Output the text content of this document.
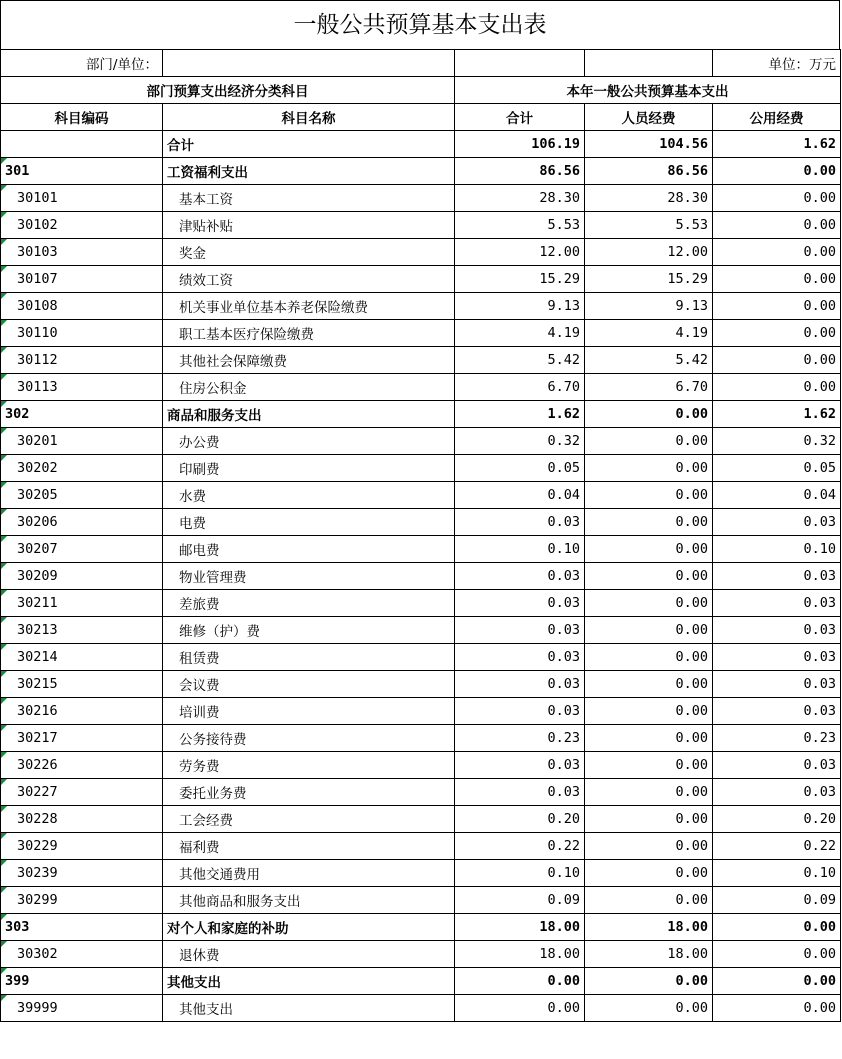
一般公共预算基本支出表
部门/单位：				单位：万元
部门预算支出经济分类科目		本年一般公共预算基本支出		
科目编码	科目名称	合计	人员经费	公用经费
	合计	106.19	104.56	1.62
301	工资福利支出	86.56	86.56	0.00
30101	基本工资	28.30	28.30	0.00
30102	津贴补贴	5.53	5.53	0.00
30103	奖金	12.00	12.00	0.00
30107	绩效工资	15.29	15.29	0.00
30108	机关事业单位基本养老保险缴费	9.13	9.13	0.00
30110	职工基本医疗保险缴费	4.19	4.19	0.00
30112	其他社会保障缴费	5.42	5.42	0.00
30113	住房公积金	6.70	6.70	0.00
302	商品和服务支出	1.62	0.00	1.62
30201	办公费	0.32	0.00	0.32
30202	印刷费	0.05	0.00	0.05
30205	水费	0.04	0.00	0.04
30206	电费	0.03	0.00	0.03
30207	邮电费	0.10	0.00	0.10
30209	物业管理费	0.03	0.00	0.03
30211	差旅费	0.03	0.00	0.03
30213	维修（护）费	0.03	0.00	0.03
30214	租赁费	0.03	0.00	0.03
30215	会议费	0.03	0.00	0.03
30216	培训费	0.03	0.00	0.03
30217	公务接待费	0.23	0.00	0.23
30226	劳务费	0.03	0.00	0.03
30227	委托业务费	0.03	0.00	0.03
30228	工会经费	0.20	0.00	0.20
30229	福利费	0.22	0.00	0.22
30239	其他交通费用	0.10	0.00	0.10
30299	其他商品和服务支出	0.09	0.00	0.09
303	对个人和家庭的补助	18.00	18.00	0.00
30302	退休费	18.00	18.00	0.00
399	其他支出	0.00	0.00	0.00
39999	其他支出	0.00	0.00	0.00
